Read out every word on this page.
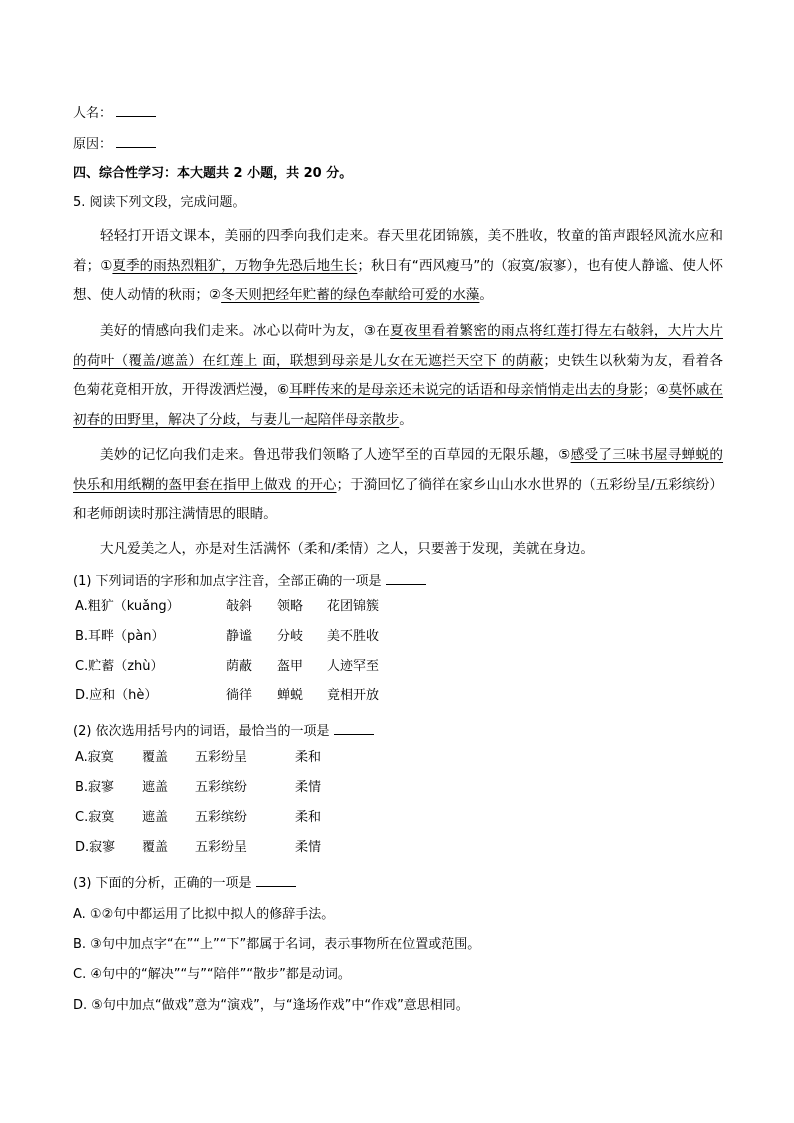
人名：
原因：
四、综合性学习：本大题共 2 小题，共 20 分。
5. 阅读下列文段，完成问题。
轻轻打开语文课本，美丽的四季向我们走来。春天里花团锦簇，美不胜收，牧童的笛声跟轻风流水应和着；①夏季的雨热烈粗犷，万物争先恐后地生长；秋日有“西风瘦马”的（寂寞/寂寥），也有使人静谧、使人怀想、使人动情的秋雨；②冬天则把经年贮蓄的绿色奉献给可爱的水藻。
美好的情感向我们走来。冰心以荷叶为友，③在夏夜里看着繁密的雨点将红莲打得左右敧斜，大片大片的荷叶（覆盖/遮盖）在红莲上 面，联想到母亲是儿女在无遮拦天空下 的荫蔽；史铁生以秋菊为友，看着各色菊花竟相开放，开得泼洒烂漫，⑥耳畔传来的是母亲还未说完的话语和母亲悄悄走出去的身影；④莫怀戚在初春的田野里，解决了分歧，与妻儿一起陪伴母亲散步。
美妙的记忆向我们走来。鲁迅带我们领略了人迹罕至的百草园的无限乐趣，⑤感受了三味书屋寻蝉蜕的快乐和用纸糊的盔甲套在指甲上做戏 的开心；于漪回忆了徜徉在家乡山山水水世界的（五彩纷呈/五彩缤纷）和老师朗读时那注满情思的眼睛。
大凡爱美之人，亦是对生活满怀（柔和/柔情）之人，只要善于发现，美就在身边。
(1) 下列词语的字形和加点字注音，全部正确的一项是
A.粗犷（kuǎng）	敧斜 领略 花团锦簇
B.耳畔（pàn）	静谧 分岐 美不胜收
C.贮蓄（zhù）	荫蔽 盔甲 人迹罕至
D.应和（hè）	徜徉 蝉蜕 竟相开放
(2) 依次选用括号内的词语，最恰当的一项是
A.寂寞 覆盖 五彩纷呈	柔和
B.寂寥 遮盖 五彩缤纷	柔情
C.寂寞 遮盖 五彩缤纷	柔和
D.寂寥 覆盖 五彩纷呈	柔情
(3) 下面的分析，正确的一项是
A. ①②句中都运用了比拟中拟人的修辞手法。
B. ③句中加点字“在”“上”“下”都属于名词，表示事物所在位置或范围。
C. ④句中的“解决”“与”“陪伴”“散步”都是动词。
D. ⑤句中加点“做戏”意为“演戏”，与“逢场作戏”中“作戏”意思相同。
